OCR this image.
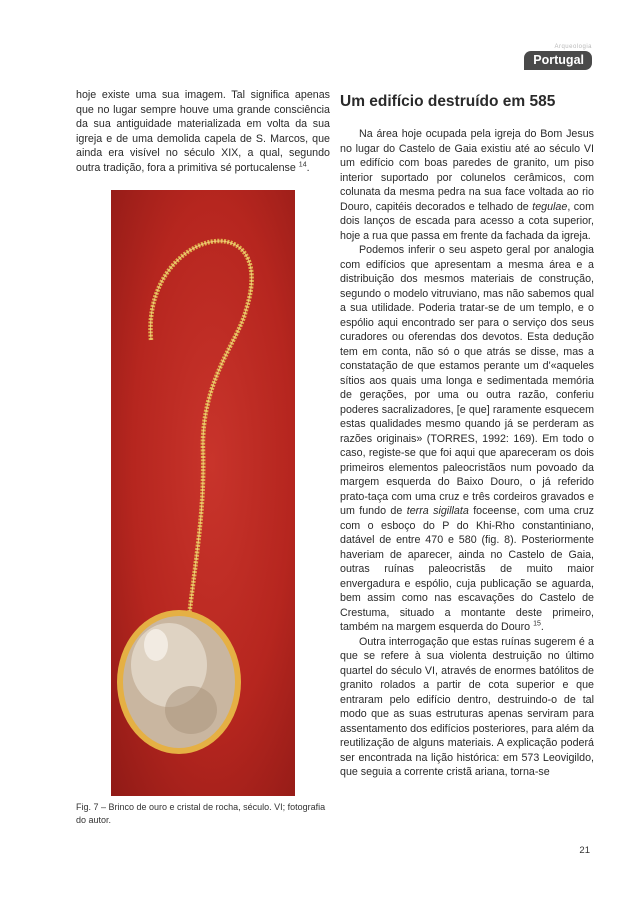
Arqueologia
Portugal

hoje existe uma sua imagem. Tal significa apenas que no lugar sempre houve uma grande consciência da sua antiguidade materializada em volta da sua igreja e de uma demolida capela de S. Marcos, que ainda era visível no século XIX, a qual, segundo outra tradição, fora a primitiva sé portucalense $^{14}$.

Fig. 7 – Brinco de ouro e cristal de rocha, século. VI; fotografia do autor.
Um edifício destruído em 585

Na área hoje ocupada pela igreja do Bom Jesus no lugar do Castelo de Gaia existiu até ao século VI um edifício com boas paredes de granito, um piso interior suportado por colunelos cerâmicos, com colunata da mesma pedra na sua face voltada ao rio Douro, capitéis decorados e telhado de tegulae, com dois lanços de escada para acesso a cota superior, hoje a rua que passa em frente da fachada da igreja.

Podemos inferir o seu aspeto geral por analogia com edifícios que apresentam a mesma área e a distribuição dos mesmos materiais de construção, segundo o modelo vitruviano, mas não sabemos qual a sua utilidade. Poderia tratar-se de um templo, e o espólio aqui encontrado ser para o serviço dos seus curadores ou oferendas dos devotos. Esta dedução tem em conta, não só o que atrás se disse, mas a constatação de que estamos perante um d'«aqueles sítios aos quais uma longa e sedimentada memória de gerações, por uma ou outra razão, conferiu poderes sacralizadores, [e que] raramente esquecem estas qualidades mesmo quando já se perderam as razões originais» (TORRES, 1992: 169). Em todo o caso, registe-se que foi aqui que apareceram os dois primeiros elementos paleocristãos num povoado da margem esquerda do Baixo Douro, o já referido prato-taça com uma cruz e três cordeiros gravados e um fundo de terra sigillata foceense, com uma cruz com o esboço do P do Khi-Rho constantiniano, datável de entre 470 e 580 (fig. 8). Posteriormente haveriam de aparecer, ainda no Castelo de Gaia, outras ruínas paleocristãs de muito maior envergadura e espólio, cuja publicação se aguarda, bem assim como nas escavações do Castelo de Crestuma, situado a montante deste primeiro, também na margem esquerda do Douro $^{15}$.

Outra interrogação que estas ruínas sugerem é a que se refere à sua violenta destruição no último quartel do século VI, através de enormes batólitos de granito rolados a partir de cota superior e que entraram pelo edifício dentro, destruindo-o de tal modo que as suas estruturas apenas serviram para assentamento dos edifícios posteriores, para além da reutilização de alguns materiais. A explicação poderá ser encontrada na lição histórica: em 573 Leovigildo, que seguia a corrente cristã ariana, torna-se

21
